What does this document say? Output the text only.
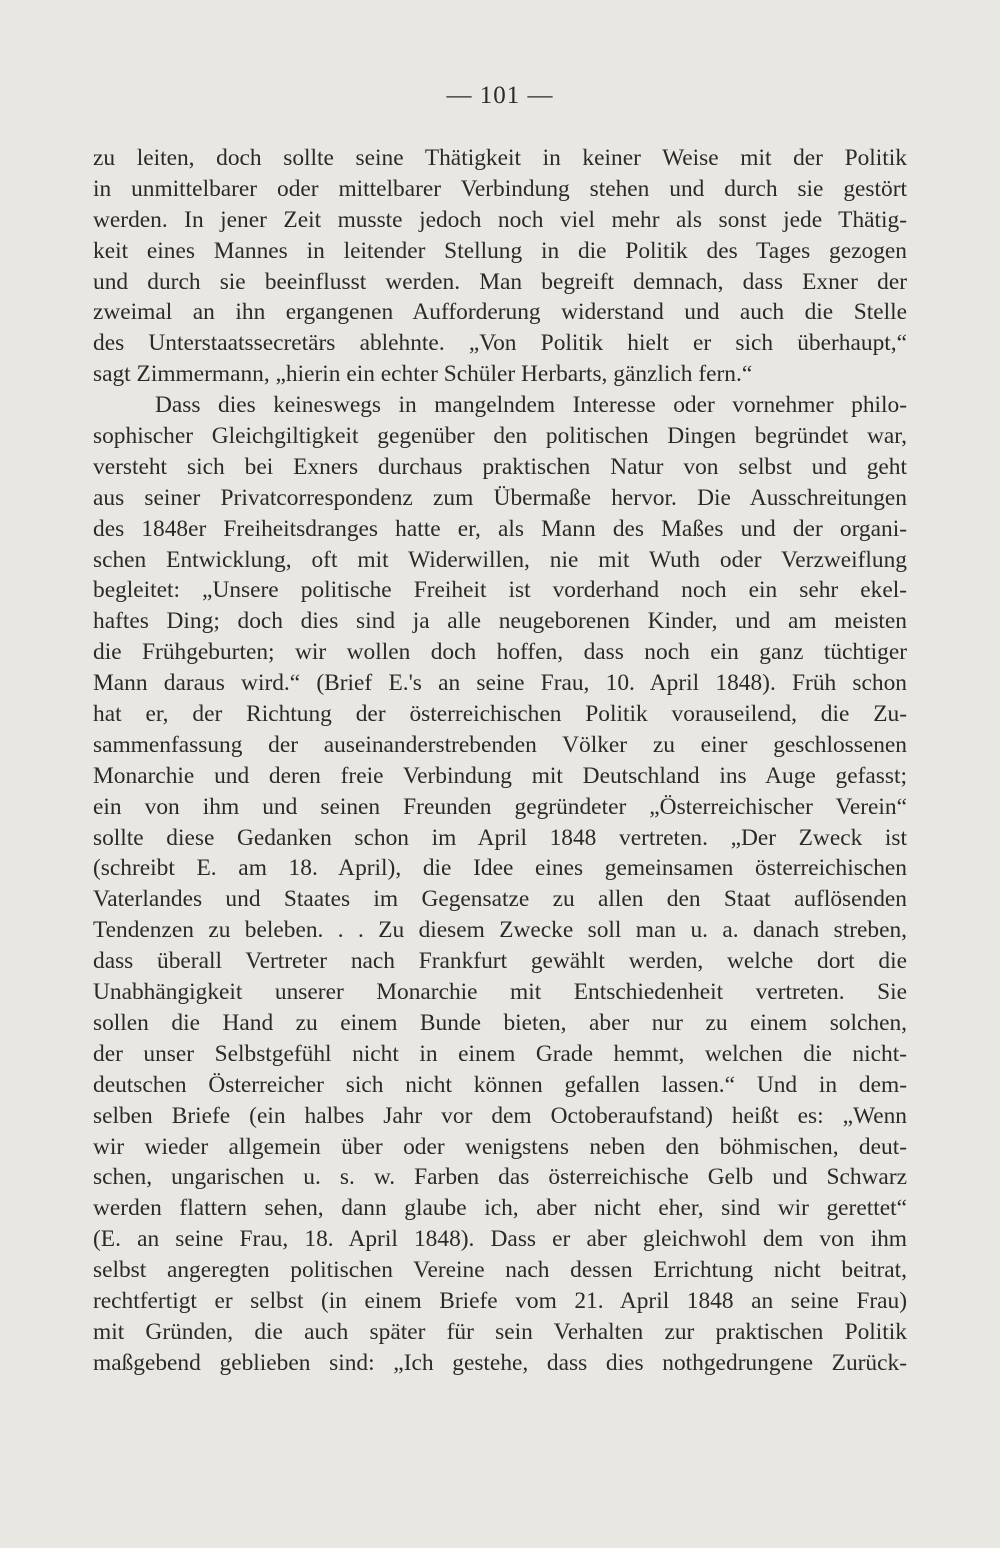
— 101 —
zu leiten, doch sollte seine Thätigkeit in keiner Weise mit der Politik
in unmittelbarer oder mittelbarer Verbindung stehen und durch sie gestört
werden. In jener Zeit musste jedoch noch viel mehr als sonst jede Thätig-
keit eines Mannes in leitender Stellung in die Politik des Tages gezogen
und durch sie beeinflusst werden. Man begreift demnach, dass Exner der
zweimal an ihn ergangenen Aufforderung widerstand und auch die Stelle
des Unterstaatssecretärs ablehnte. „Von Politik hielt er sich überhaupt,“
sagt Zimmermann, „hierin ein echter Schüler Herbarts, gänzlich fern.“
Dass dies keineswegs in mangelndem Interesse oder vornehmer philo-
sophischer Gleichgiltigkeit gegenüber den politischen Dingen begründet war,
versteht sich bei Exners durchaus praktischen Natur von selbst und geht
aus seiner Privatcorrespondenz zum Übermaße hervor. Die Ausschreitungen
des 1848er Freiheitsdranges hatte er, als Mann des Maßes und der organi-
schen Entwicklung, oft mit Widerwillen, nie mit Wuth oder Verzweiflung
begleitet: „Unsere politische Freiheit ist vorderhand noch ein sehr ekel-
haftes Ding; doch dies sind ja alle neugeborenen Kinder, und am meisten
die Frühgeburten; wir wollen doch hoffen, dass noch ein ganz tüchtiger
Mann daraus wird.“ (Brief E.'s an seine Frau, 10. April 1848). Früh schon
hat er, der Richtung der österreichischen Politik vorauseilend, die Zu-
sammenfassung der auseinanderstrebenden Völker zu einer geschlossenen
Monarchie und deren freie Verbindung mit Deutschland ins Auge gefasst;
ein von ihm und seinen Freunden gegründeter „Österreichischer Verein“
sollte diese Gedanken schon im April 1848 vertreten. „Der Zweck ist
(schreibt E. am 18. April), die Idee eines gemeinsamen österreichischen
Vaterlandes und Staates im Gegensatze zu allen den Staat auflösenden
Tendenzen zu beleben. . . Zu diesem Zwecke soll man u. a. danach streben,
dass überall Vertreter nach Frankfurt gewählt werden, welche dort die
Unabhängigkeit unserer Monarchie mit Entschiedenheit vertreten. Sie
sollen die Hand zu einem Bunde bieten, aber nur zu einem solchen,
der unser Selbstgefühl nicht in einem Grade hemmt, welchen die nicht-
deutschen Österreicher sich nicht können gefallen lassen.“ Und in dem-
selben Briefe (ein halbes Jahr vor dem Octoberaufstand) heißt es: „Wenn
wir wieder allgemein über oder wenigstens neben den böhmischen, deut-
schen, ungarischen u. s. w. Farben das österreichische Gelb und Schwarz
werden flattern sehen, dann glaube ich, aber nicht eher, sind wir gerettet“
(E. an seine Frau, 18. April 1848). Dass er aber gleichwohl dem von ihm
selbst angeregten politischen Vereine nach dessen Errichtung nicht beitrat,
rechtfertigt er selbst (in einem Briefe vom 21. April 1848 an seine Frau)
mit Gründen, die auch später für sein Verhalten zur praktischen Politik
maßgebend geblieben sind: „Ich gestehe, dass dies nothgedrungene Zurück-
